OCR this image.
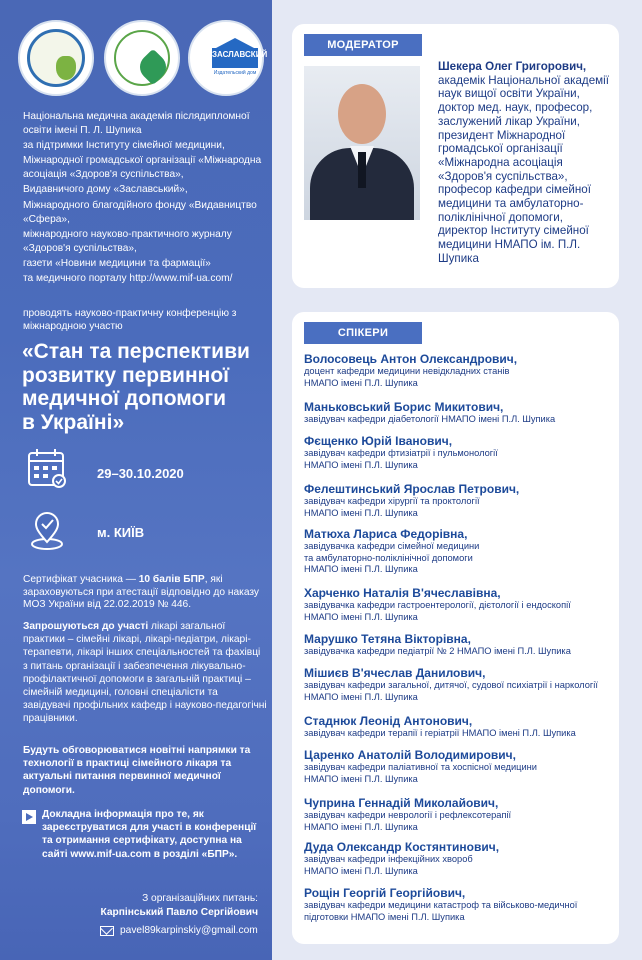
ЗАСЛАВСКИЙ
Издательский дом
Національна медична академія післядипломної освіти імені П. Л. Шупика
за підтримки Інституту сімейної медицини,
Міжнародної громадської організації «Міжнародна асоціація «Здоров'я суспільства»,
Видавничого дому «Заславський»,
Міжнародного благодійного фонду «Видавництво «Сфера»,
міжнародного науково-практичного журналу «Здоров'я суспільства»,
газети «Новини медицини та фармації»
та медичного порталу http://www.mif-ua.com/
проводять науково-практичну конференцію з міжнародною участю
«Стан та перспективи
розвитку первинної
медичної допомоги
в Україні»
29–30.10.2020
м. КИЇВ
Сертифікат учасника — 10 балів БПР, які зараховуються при атестації відповідно до наказу МОЗ України від 22.02.2019 № 446.
Запрошуються до участі лікарі загальної практики – сімейні лікарі, лікарі-педіатри, лікарі-терапевти, лікарі інших спеціальностей та фахівці з питань організації і забезпечення лікувально-профілактичної допомоги в загальній практиці – сімейній медицині, головні спеціалісти та завідувачі профільних кафедр і науково-педагогічні працівники.
Будуть обговорюватися новітні напрямки та технології в практиці сімейного лікаря та актуальні питання первинної медичної допомоги.
Докладна інформація про те, як зареєструватися для участі в конференції та отримання сертифікату, доступна на сайті www.mif-ua.com в розділі «БПР».
З організаційних питань:
Карпінський Павло Сергійович
pavel89karpinskiy@gmail.com
МОДЕРАТОР
Шекера Олег Григорович,
академік Національної академії наук вищої освіти України, доктор мед. наук, професор, заслужений лікар України, президент Міжнародної громадської організації «Міжнародна асоціація «Здоров'я суспільства», професор кафедри сімейної медицини та амбулаторно-поліклінічної допомоги, директор Інституту сімейної медицини НМАПО ім. П.Л. Шупика
СПІКЕРИ
Волосовець Антон Олександрович,
доцент кафедри медицини невідкладних станів
НМАПО імені П.Л. Шупика
Маньковський Борис Микитович,
завідувач кафедри діабетології НМАПО імені П.Л. Шупика
Фєщенко Юрій Іванович,
завідувач кафедри фтизіатрії і пульмонології
НМАПО імені П.Л. Шупика
Фелештинський Ярослав Петрович,
завідувач кафедри хірургії та проктології
НМАПО імені П.Л. Шупика
Матюха Лариса Федорівна,
завідувачка кафедри сімейної медицини
та амбулаторно-поліклінічної допомоги
НМАПО імені П.Л. Шупика
Харченко Наталія В'ячеславівна,
завідувачка кафедри гастроентерології, дієтології і ендоскопії
НМАПО імені П.Л. Шупика
Марушко Тетяна Вікторівна,
завідувачка кафедри педіатрії № 2 НМАПО імені П.Л. Шупика
Мішиєв В'ячеслав Данилович,
завідувач кафедри загальної, дитячої, судової психіатрії і наркології
НМАПО імені П.Л. Шупика
Стаднюк Леонід Антонович,
завідувач кафедри терапії і геріатрії НМАПО імені П.Л. Шупика
Царенко Анатолій Володимирович,
завідувач кафедри паліативної та хоспісної медицини
НМАПО імені П.Л. Шупика
Чуприна Геннадій Миколайович,
завідувач кафедри неврології і рефлексотерапії
НМАПО імені П.Л. Шупика
Дуда Олександр Костянтинович,
завідувач кафедри інфекційних хвороб
НМАПО імені П.Л. Шупика
Рощін Георгій Георгійович,
завідувач кафедри медицини катастроф та військово-медичної
підготовки НМАПО імені П.Л. Шупика
